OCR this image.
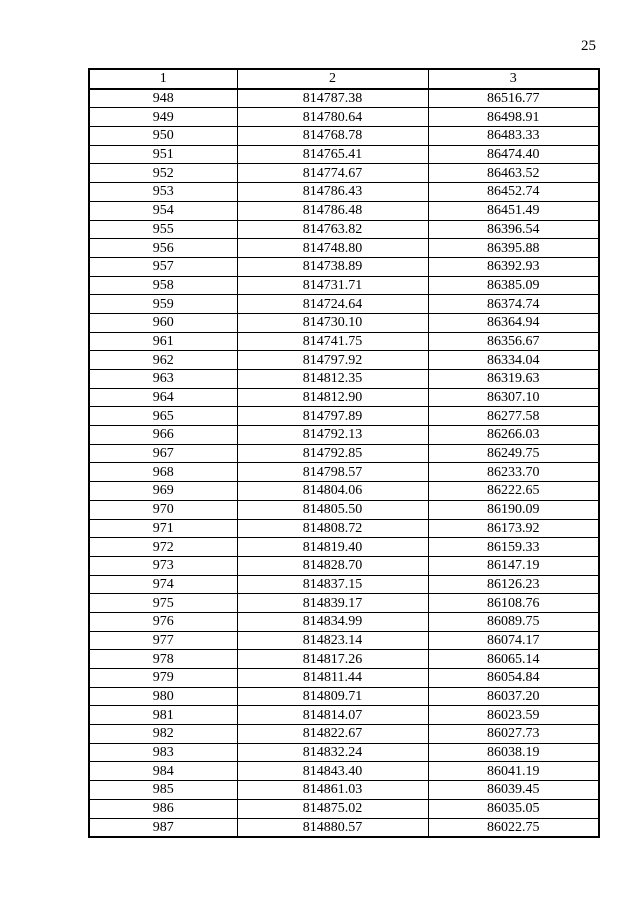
25
1	2	3
948	814787.38	86516.77
949	814780.64	86498.91
950	814768.78	86483.33
951	814765.41	86474.40
952	814774.67	86463.52
953	814786.43	86452.74
954	814786.48	86451.49
955	814763.82	86396.54
956	814748.80	86395.88
957	814738.89	86392.93
958	814731.71	86385.09
959	814724.64	86374.74
960	814730.10	86364.94
961	814741.75	86356.67
962	814797.92	86334.04
963	814812.35	86319.63
964	814812.90	86307.10
965	814797.89	86277.58
966	814792.13	86266.03
967	814792.85	86249.75
968	814798.57	86233.70
969	814804.06	86222.65
970	814805.50	86190.09
971	814808.72	86173.92
972	814819.40	86159.33
973	814828.70	86147.19
974	814837.15	86126.23
975	814839.17	86108.76
976	814834.99	86089.75
977	814823.14	86074.17
978	814817.26	86065.14
979	814811.44	86054.84
980	814809.71	86037.20
981	814814.07	86023.59
982	814822.67	86027.73
983	814832.24	86038.19
984	814843.40	86041.19
985	814861.03	86039.45
986	814875.02	86035.05
987	814880.57	86022.75
